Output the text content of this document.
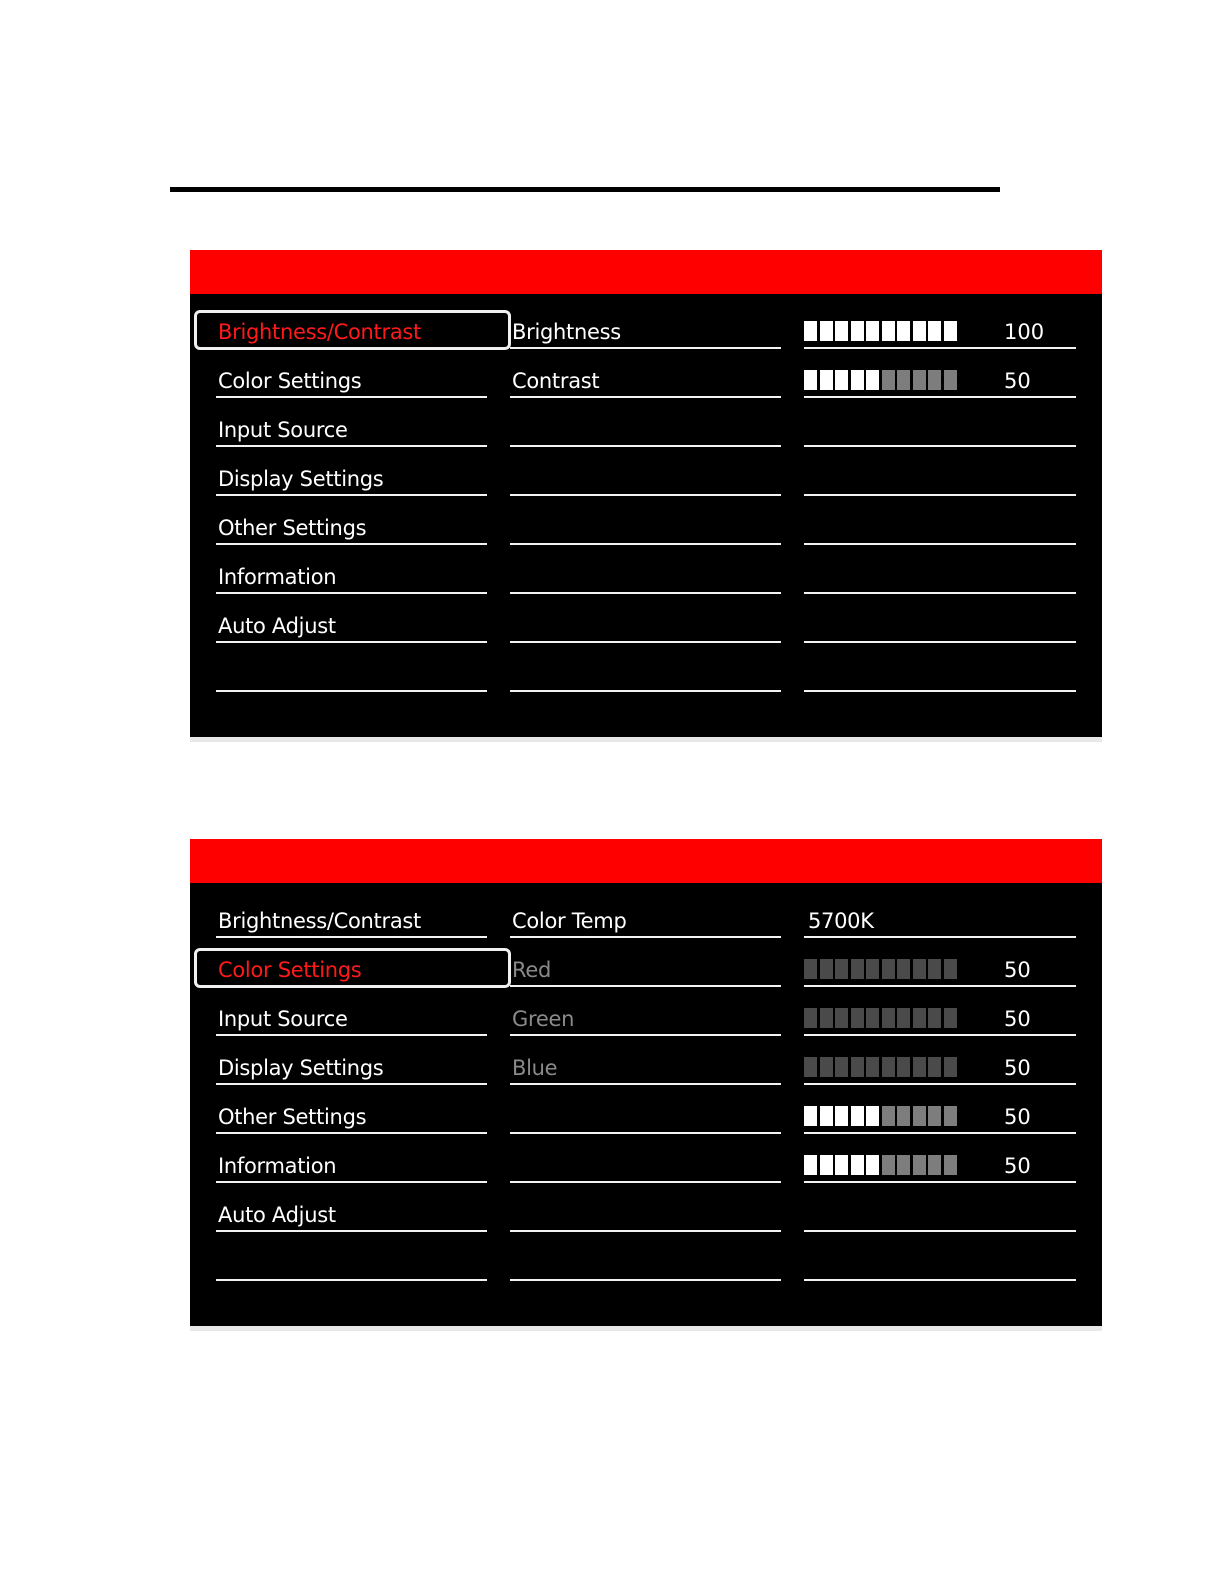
Brightness/Contrast
Color Settings
Input Source
Display Settings
Other Settings
Information
Auto Adjust
Brightness
Contrast
100
50
Brightness/Contrast
Color Settings
Input Source
Display Settings
Other Settings
Information
Auto Adjust
Color Temp
Red
Green
Blue
5700K
50
50
50
50
50
